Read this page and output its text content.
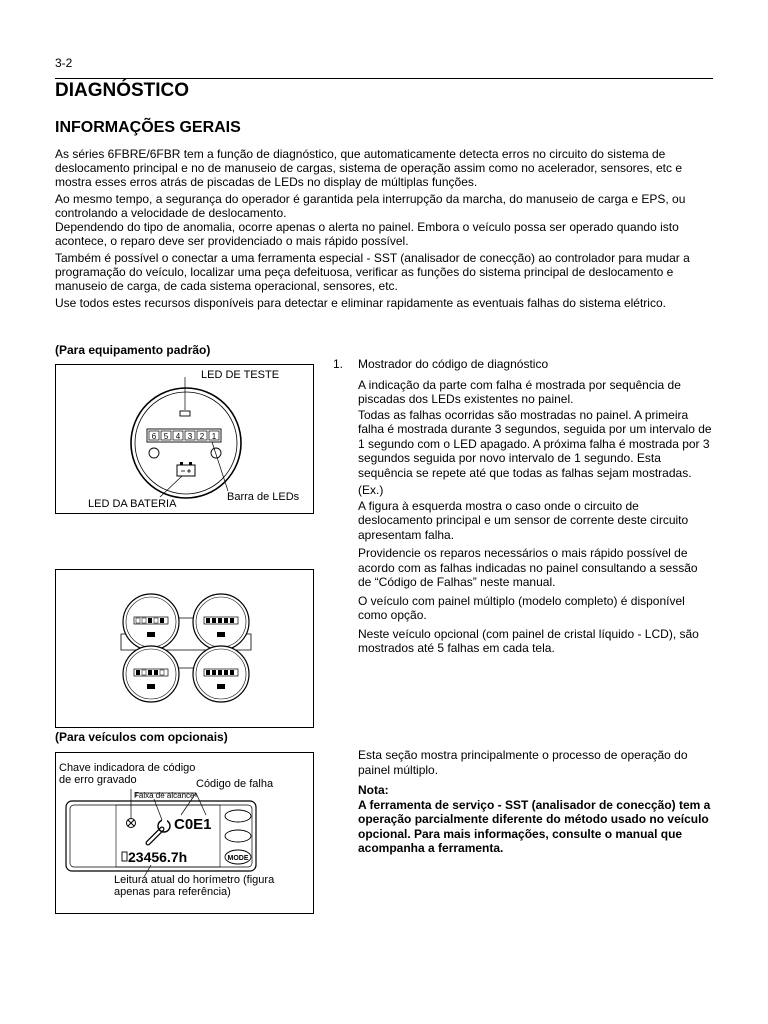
3-2
DIAGNÓSTICO
INFORMAÇÕES GERAIS

As séries 6FBRE/6FBR tem a função de diagnóstico, que automaticamente detecta erros no circuito do sistema de deslocamento principal e no de manuseio de cargas, sistema de operação assim como no acelerador, sensores, etc e mostra esses erros atrás de piscadas de LEDs no display de múltiplas funções.

Ao mesmo tempo, a segurança do operador é garantida pela interrupção da marcha, do manuseio de carga e EPS, ou controlando a velocidade de deslocamento.

Dependendo do tipo de anomalia, ocorre apenas o alerta no painel. Embora o veículo possa ser operado quando isto acontece, o reparo deve ser providenciado o mais rápido possível.

Também é possível o conectar a uma ferramenta especial - SST (analisador de conecção) ao controlador para mudar a programação do veículo, localizar uma peça defeituosa, verificar as funções do sistema principal de deslocamento e manuseio de carga, de cada sistema operacional, sensores, etc.

Use todos estes recursos disponíveis para detectar e eliminar rapidamente as eventuais falhas do sistema elétrico.

(Para equipamento padrão)
6 5 4 3 2 1
LED DE TESTE
LED DA BATERIA
Barra de LEDs
(Para veículos com opcionais)
C0E1
23456.7h	MODE
Chave indicadora de código de erro gravado
Faixa de alcance
Código de falha
Leitura atual do horímetro (figura apenas para referência)
1. Mostrador do código de diagnóstico

A indicação da parte com falha é mostrada por sequência de piscadas dos LEDs existentes no painel.

Todas as falhas ocorridas são mostradas no painel. A primeira falha é mostrada durante 3 segundos, seguida por um intervalo de 1 segundo com o LED apagado. A próxima falha é mostrada por 3 segundos seguida por novo intervalo de 1 segundo. Esta sequência se repete até que todas as falhas sejam mostradas.

(Ex.)

A figura à esquerda mostra o caso onde o circuito de deslocamento principal e um sensor de corrente deste circuito apresentam falha.

Providencie os reparos necessários o mais rápido possível de acordo com as falhas indicadas no painel consultando a sessão de “Código de Falhas” neste manual.

O veículo com painel múltiplo (modelo completo) é disponível como opção.

Neste veículo opcional (com painel de cristal líquido - LCD), são mostrados até 5 falhas em cada tela.

Esta seção mostra principalmente o processo de operação do painel múltiplo.

Nota:

A ferramenta de serviço - SST (analisador de conecção) tem a operação parcialmente diferente do método usado no veículo opcional. Para mais informações, consulte o manual que acompanha a ferramenta.
